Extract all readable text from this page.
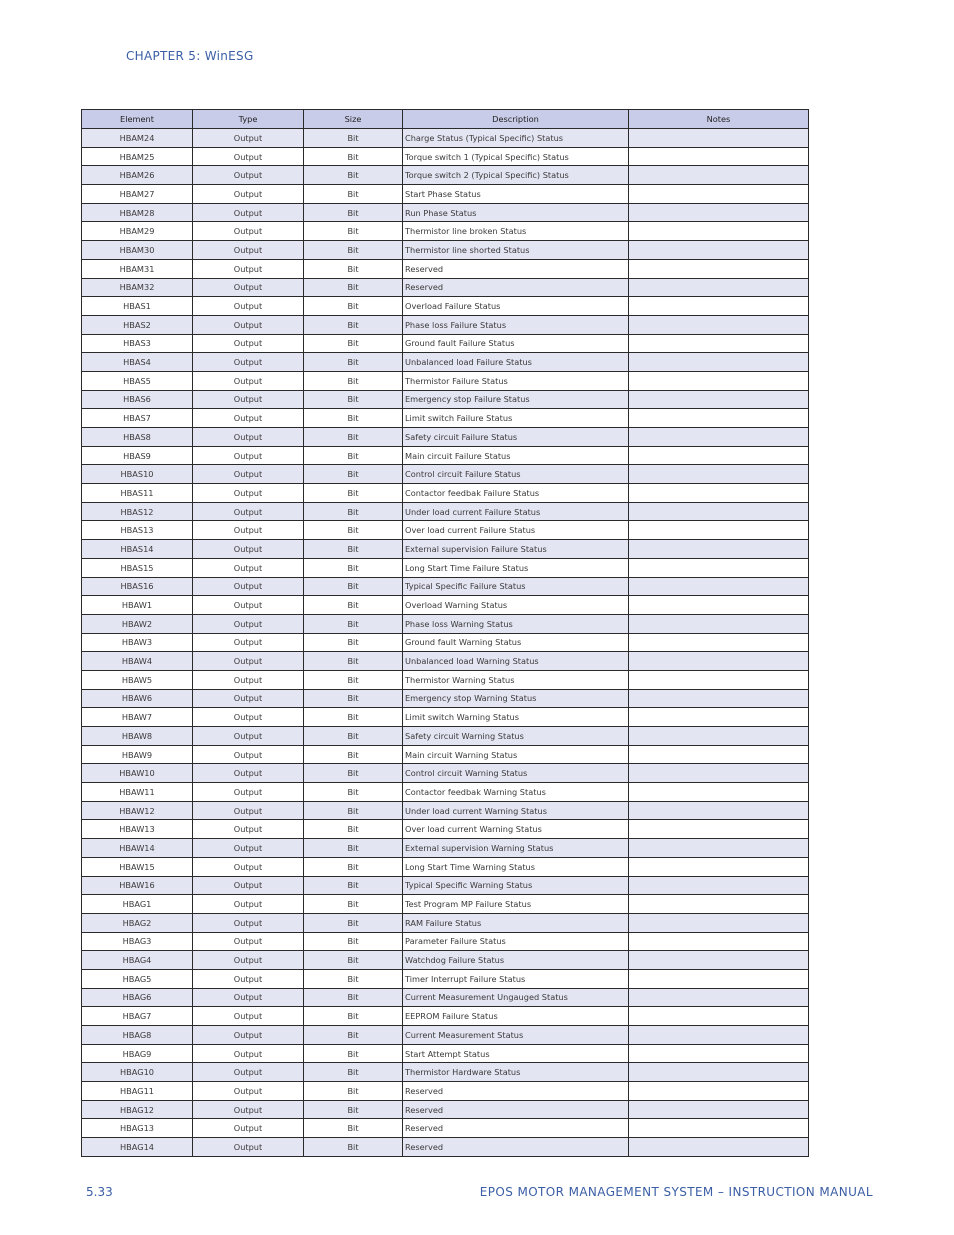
CHAPTER 5: WinESG
Element	Type	Size	Description	Notes
HBAM24	Output	Bit	Charge Status (Typical Specific) Status	
HBAM25	Output	Bit	Torque switch 1 (Typical Specific) Status	
HBAM26	Output	Bit	Torque switch 2 (Typical Specific) Status	
HBAM27	Output	Bit	Start Phase Status	
HBAM28	Output	Bit	Run Phase Status	
HBAM29	Output	Bit	Thermistor line broken Status	
HBAM30	Output	Bit	Thermistor line shorted Status	
HBAM31	Output	Bit	Reserved	
HBAM32	Output	Bit	Reserved	
HBAS1	Output	Bit	Overload Failure Status	
HBAS2	Output	Bit	Phase loss Failure Status	
HBAS3	Output	Bit	Ground fault Failure Status	
HBAS4	Output	Bit	Unbalanced load Failure Status	
HBAS5	Output	Bit	Thermistor Failure Status	
HBAS6	Output	Bit	Emergency stop Failure Status	
HBAS7	Output	Bit	Limit switch Failure Status	
HBAS8	Output	Bit	Safety circuit Failure Status	
HBAS9	Output	Bit	Main circuit Failure Status	
HBAS10	Output	Bit	Control circuit Failure Status	
HBAS11	Output	Bit	Contactor feedbak Failure Status	
HBAS12	Output	Bit	Under load current Failure Status	
HBAS13	Output	Bit	Over load current Failure Status	
HBAS14	Output	Bit	External supervision Failure Status	
HBAS15	Output	Bit	Long Start Time Failure Status	
HBAS16	Output	Bit	Typical Specific Failure Status	
HBAW1	Output	Bit	Overload Warning Status	
HBAW2	Output	Bit	Phase loss Warning Status	
HBAW3	Output	Bit	Ground fault Warning Status	
HBAW4	Output	Bit	Unbalanced load Warning Status	
HBAW5	Output	Bit	Thermistor Warning Status	
HBAW6	Output	Bit	Emergency stop Warning Status	
HBAW7	Output	Bit	Limit switch Warning Status	
HBAW8	Output	Bit	Safety circuit Warning Status	
HBAW9	Output	Bit	Main circuit Warning Status	
HBAW10	Output	Bit	Control circuit Warning Status	
HBAW11	Output	Bit	Contactor feedbak Warning Status	
HBAW12	Output	Bit	Under load current Warning Status	
HBAW13	Output	Bit	Over load current Warning Status	
HBAW14	Output	Bit	External supervision Warning Status	
HBAW15	Output	Bit	Long Start Time Warning Status	
HBAW16	Output	Bit	Typical Specific Warning Status	
HBAG1	Output	Bit	Test Program MP Failure Status	
HBAG2	Output	Bit	RAM Failure Status	
HBAG3	Output	Bit	Parameter Failure Status	
HBAG4	Output	Bit	Watchdog Failure Status	
HBAG5	Output	Bit	Timer Interrupt Failure Status	
HBAG6	Output	Bit	Current Measurement Ungauged Status	
HBAG7	Output	Bit	EEPROM Failure Status	
HBAG8	Output	Bit	Current Measurement Status	
HBAG9	Output	Bit	Start Attempt Status	
HBAG10	Output	Bit	Thermistor Hardware Status	
HBAG11	Output	Bit	Reserved	
HBAG12	Output	Bit	Reserved	
HBAG13	Output	Bit	Reserved	
HBAG14	Output	Bit	Reserved	
5.33	EPOS MOTOR MANAGEMENT SYSTEM – INSTRUCTION MANUAL
